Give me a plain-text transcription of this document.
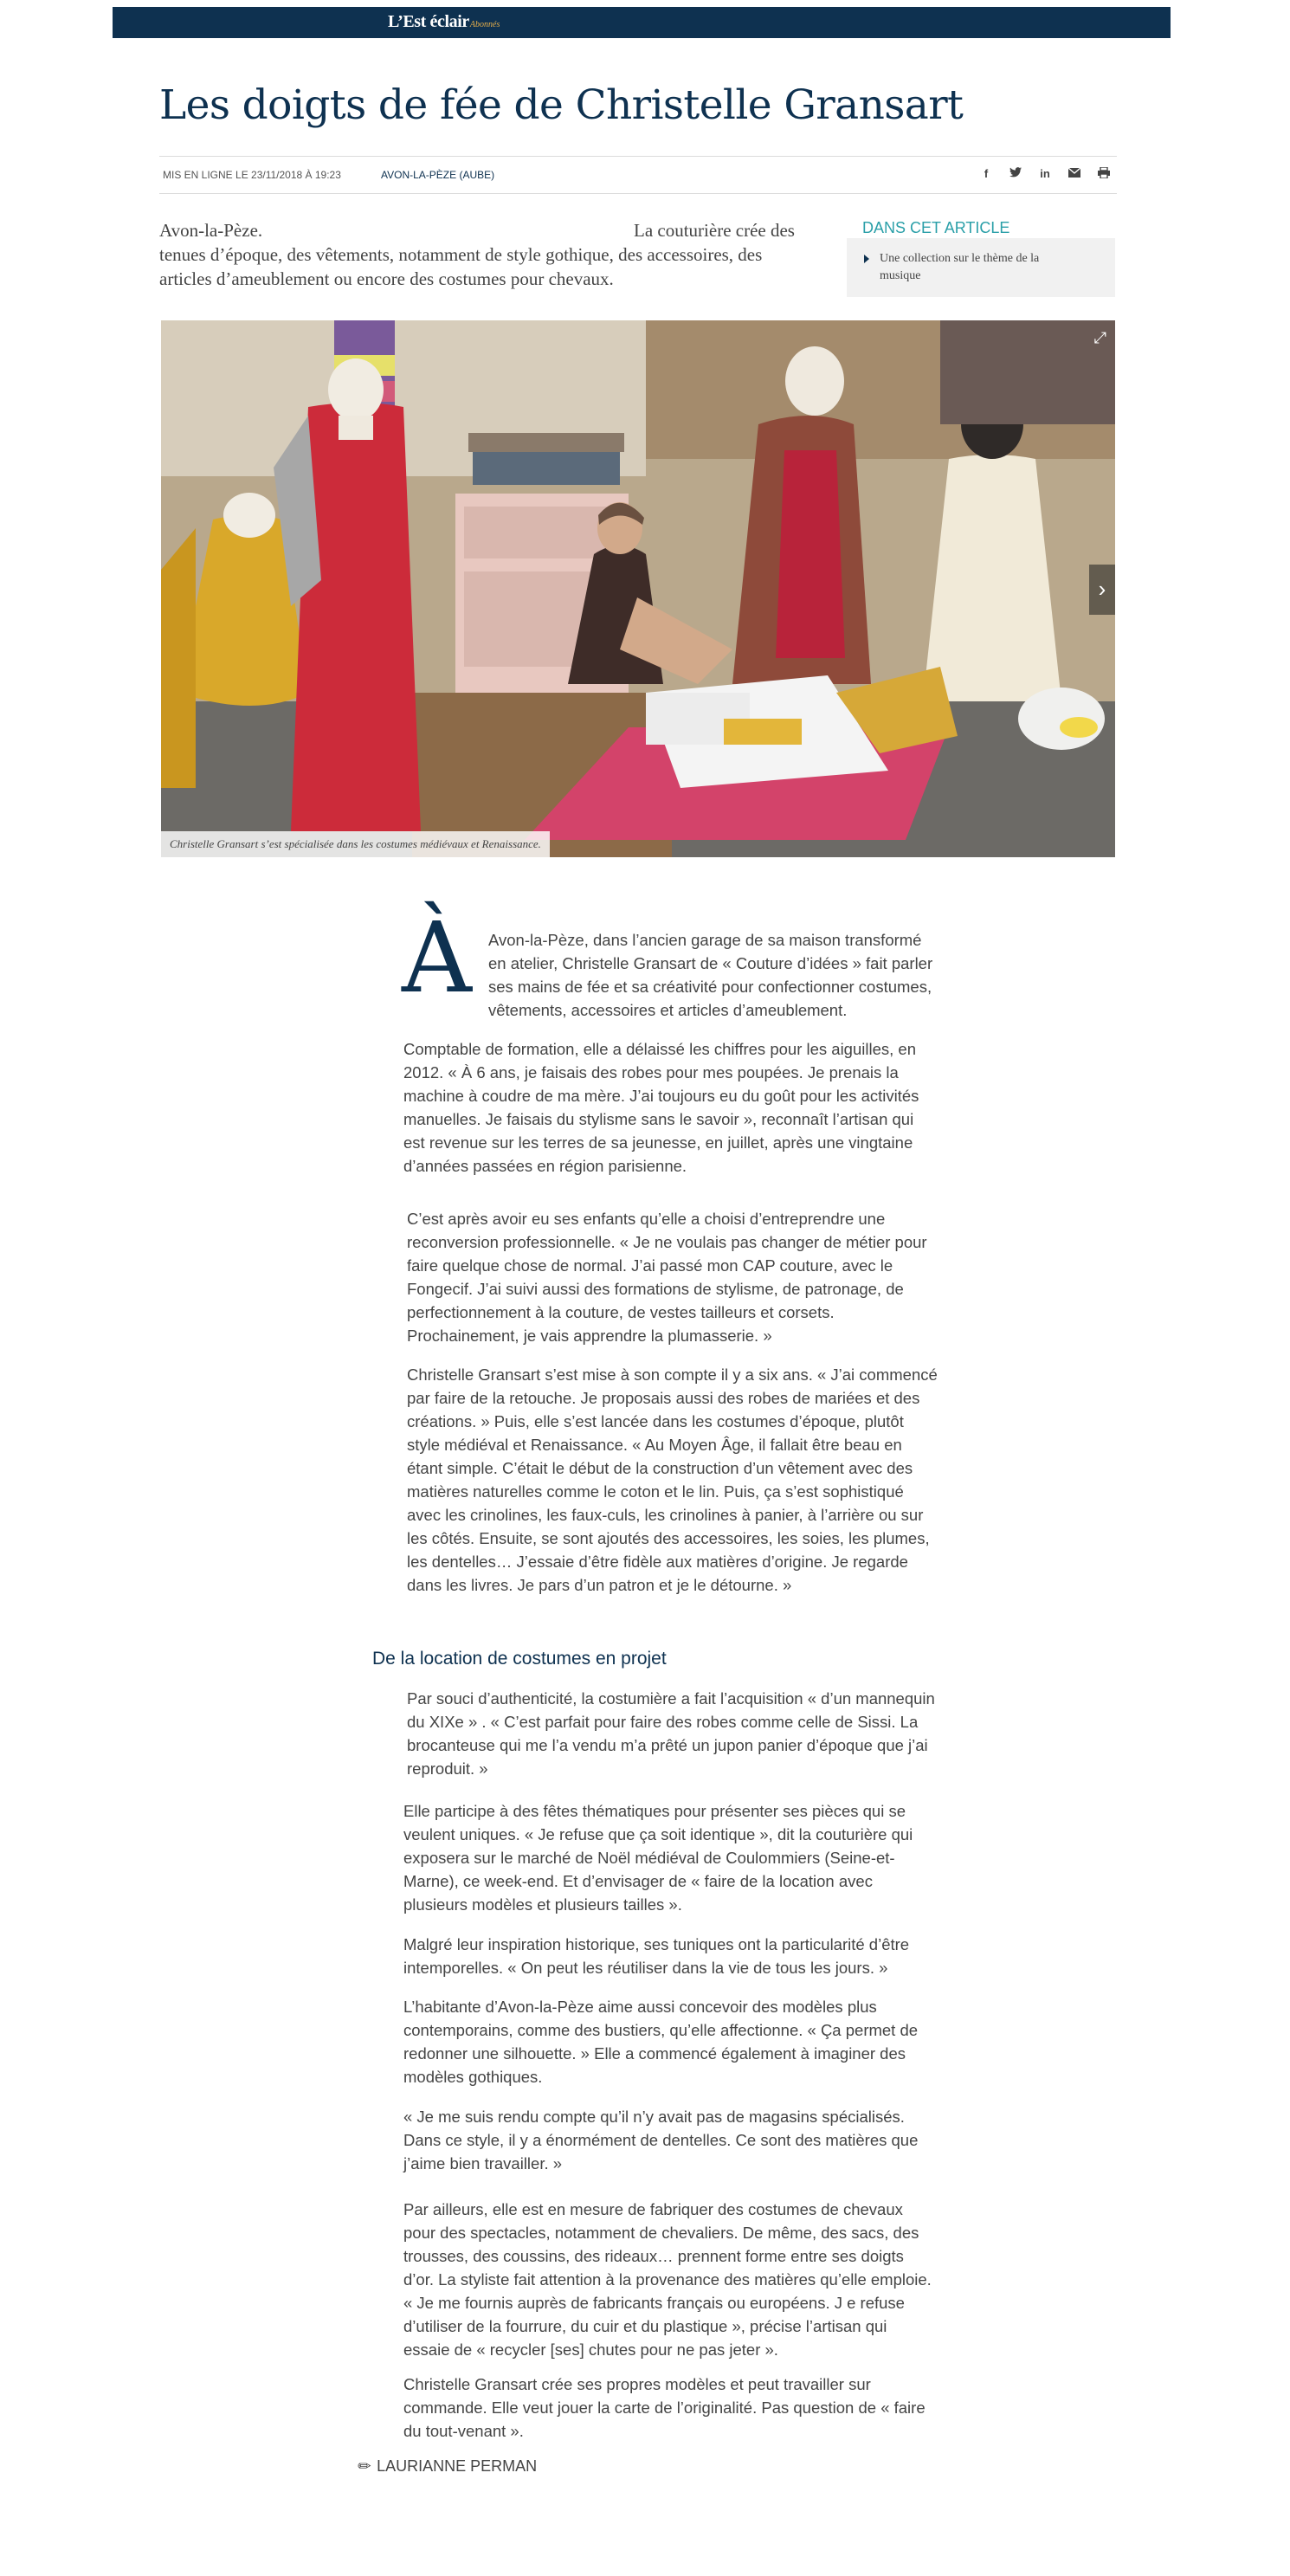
L’Est éclairAbonnés
Les doigts de fée de Christelle Gransart
MIS EN LIGNE LE 23/11/2018 À 19:23	AVON-LA-PÈZE (AUBE)	f	in

Avon-la-Pèze.	La couturière crée des tenues d’époque, des vêtements, notamment de style gothique, des accessoires, des articles d’ameublement ou encore des costumes pour chevaux.

DANS CET ARTICLE
Une collection sur le thème de la musique
⤢
›
Christelle Gransart s’est spécialisée dans les costumes médiévaux et Renaissance.
À Avon-la-Pèze, dans l’ancien garage de sa maison transformé en atelier, Christelle Gransart de « Couture d’idées » fait parler ses mains de fée et sa créativité pour confectionner costumes, vêtements, accessoires et articles d’ameublement.

Comptable de formation, elle a délaissé les chiffres pour les aiguilles, en 2012. « À 6 ans, je faisais des robes pour mes poupées. Je prenais la machine à coudre de ma mère. J’ai toujours eu du goût pour les activités manuelles. Je faisais du stylisme sans le savoir », reconnaît l’artisan qui est revenue sur les terres de sa jeunesse, en juillet, après une vingtaine d’années passées en région parisienne.

C’est après avoir eu ses enfants qu’elle a choisi d’entreprendre une reconversion professionnelle. « Je ne voulais pas changer de métier pour faire quelque chose de normal. J’ai passé mon CAP couture, avec le Fongecif. J’ai suivi aussi des formations de stylisme, de patronage, de perfectionnement à la couture, de vestes tailleurs et corsets. Prochainement, je vais apprendre la plumasserie. »

Christelle Gransart s’est mise à son compte il y a six ans. « J’ai commencé par faire de la retouche. Je proposais aussi des robes de mariées et des créations. » Puis, elle s’est lancée dans les costumes d’époque, plutôt style médiéval et Renaissance. « Au Moyen Âge, il fallait être beau en étant simple. C’était le début de la construction d’un vêtement avec des matières naturelles comme le coton et le lin. Puis, ça s’est sophistiqué avec les crinolines, les faux-culs, les crinolines à panier, à l’arrière ou sur les côtés. Ensuite, se sont ajoutés des accessoires, les soies, les plumes, les dentelles… J’essaie d’être fidèle aux matières d’origine. Je regarde dans les livres. Je pars d’un patron et je le détourne. »

De la location de costumes en projet

Par souci d’authenticité, la costumière a fait l’acquisition « d’un mannequin du XIXe » . « C’est parfait pour faire des robes comme celle de Sissi. La brocanteuse qui me l’a vendu m’a prêté un jupon panier d’époque que j’ai reproduit. »

Elle participe à des fêtes thématiques pour présenter ses pièces qui se veulent uniques. « Je refuse que ça soit identique », dit la couturière qui exposera sur le marché de Noël médiéval de Coulommiers (Seine-et-Marne), ce week-end. Et d’envisager de « faire de la location avec plusieurs modèles et plusieurs tailles ».

Malgré leur inspiration historique, ses tuniques ont la particularité d’être intemporelles. « On peut les réutiliser dans la vie de tous les jours. »

L’habitante d’Avon-la-Pèze aime aussi concevoir des modèles plus contemporains, comme des bustiers, qu’elle affectionne. « Ça permet de redonner une silhouette. » Elle a commencé également à imaginer des modèles gothiques.

« Je me suis rendu compte qu’il n’y avait pas de magasins spécialisés. Dans ce style, il y a énormément de dentelles. Ce sont des matières que j’aime bien travailler. »

Par ailleurs, elle est en mesure de fabriquer des costumes de chevaux pour des spectacles, notamment de chevaliers. De même, des sacs, des trousses, des coussins, des rideaux… prennent forme entre ses doigts d’or. La styliste fait attention à la provenance des matières qu’elle emploie. « Je me fournis auprès de fabricants français ou européens. J e refuse d’utiliser de la fourrure, du cuir et du plastique », précise l’artisan qui essaie de « recycler [ses] chutes pour ne pas jeter ».

Christelle Gransart crée ses propres modèles et peut travailler sur commande. Elle veut jouer la carte de l’originalité. Pas question de « faire du tout-venant ».

✎LAURIANNE PERMAN
